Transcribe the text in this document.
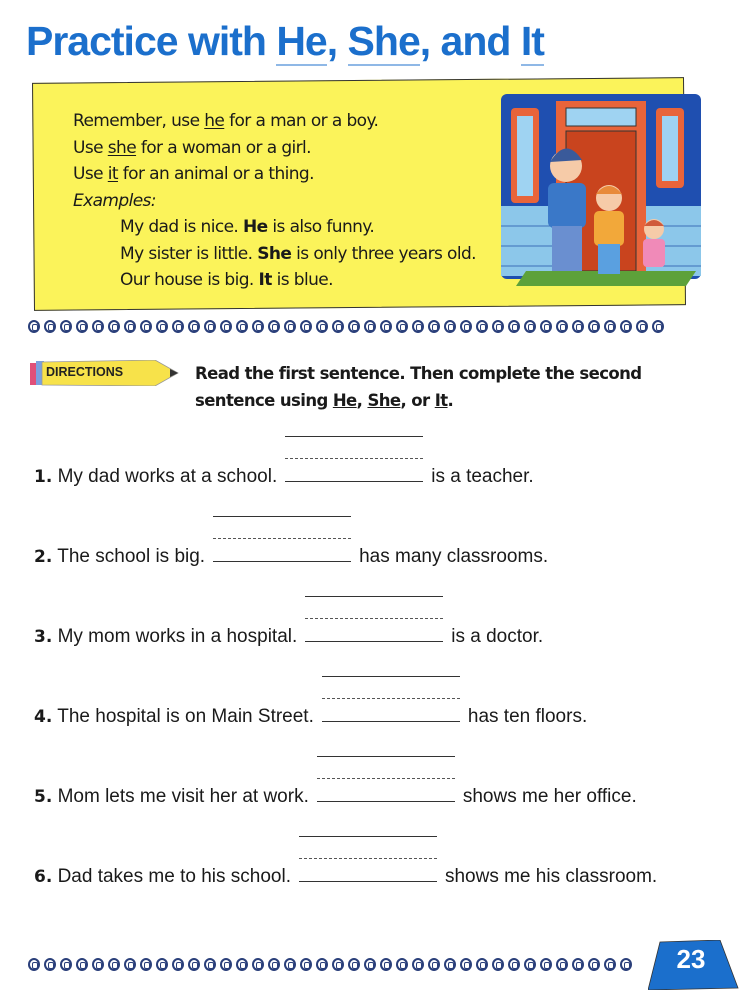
Practice with He, She, and It
Remember, use he for a man or a boy.
Use she for a woman or a girl.
Use it for an animal or a thing.
Examples:
My dad is nice. He is also funny.
My sister is little. She is only three years old.
Our house is big. It is blue.
DIRECTIONS	Read the first sentence. Then complete the second
sentence using He, She, or It.
1. My dad works at a school.	is a teacher.
2. The school is big.	has many classrooms.
3. My mom works in a hospital.	is a doctor.
4. The hospital is on Main Street.	has ten floors.
5. Mom lets me visit her at work.	shows me her office.
6. Dad takes me to his school.	shows me his classroom.
23
